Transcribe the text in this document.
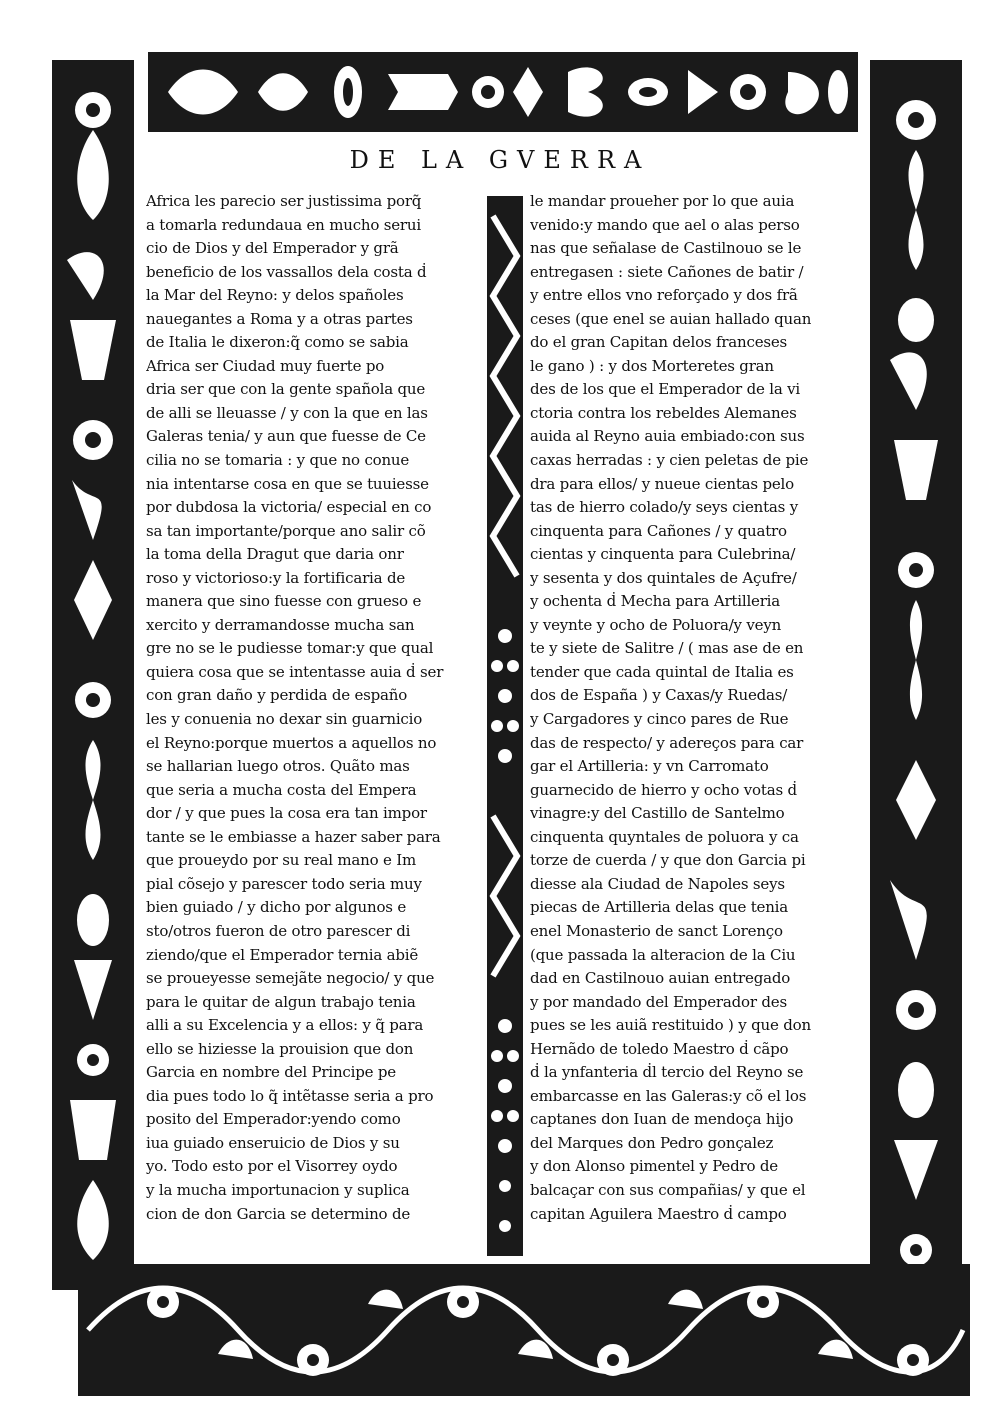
DE LA GVERRA
Africa les parecio ser justissima porq̃
a tomarla redundaua en mucho serui
cio de Dios y del Emperador y grã
beneficio de los vassallos dela costa ḋ
la Mar del Reyno: y delos spañoles
nauegantes a Roma y a otras partes
de Italia le dixeron:q̃ como se sabia
Africa ser Ciudad muy fuerte po
dria ser que con la gente spañola que
de alli se lleuasse / y con la que en las
Galeras tenia/ y aun que fuesse de Ce
cilia no se tomaria : y que no conue
nia intentarse cosa en que se tuuiesse
por dubdosa la victoria/ especial en co
sa tan importante/porque ano salir cõ
la toma della Dragut que daria onr
roso y victorioso:y la fortificaria de
manera que sino fuesse con grueso e
xercito y derramandosse mucha san
gre no se le pudiesse tomar:y que qual
quiera cosa que se intentasse auia ḋ ser
con gran daño y perdida de españo
les y conuenia no dexar sin guarnicio
el Reyno:porque muertos a aquellos no
se hallarian luego otros. Quãto mas
que seria a mucha costa del Empera
dor / y que pues la cosa era tan impor
tante se le embiasse a hazer saber para
que proueydo por su real mano e Im
pial cõsejo y parescer todo seria muy
bien guiado / y dicho por algunos e
sto/otros fueron de otro parescer di
ziendo/que el Emperador ternia abiẽ
se proueyesse semejãte negocio/ y que
para le quitar de algun trabajo tenia
alli a su Excelencia y a ellos: y q̃ para
ello se hiziesse la prouision que don
Garcia en nombre del Principe pe
dia pues todo lo q̃ intẽtasse seria a pro
posito del Emperador:yendo como
iua guiado enseruicio de Dios y su
yo. Todo esto por el Visorrey oydo
y la mucha importunacion y suplica
cion de don Garcia se determino de
le mandar proueher por lo que auia
venido:y mando que ael o alas perso
nas que señalase de Castilnouo se le
entregasen : siete Cañones de batir /
y entre ellos vno reforçado y dos frã
ceses (que enel se auian hallado quan
do el gran Capitan delos franceses
le gano ) : y dos Morteretes gran
des de los que el Emperador de la vi
ctoria contra los rebeldes Alemanes
auida al Reyno auia embiado:con sus
caxas herradas : y cien peletas de pie
dra para ellos/ y nueue cientas pelo
tas de hierro colado/y seys cientas y
cinquenta para Cañones / y quatro
cientas y cinquenta para Culebrina/
y sesenta y dos quintales de Açufre/
y ochenta ḋ Mecha para Artilleria
y veynte y ocho de Poluora/y veyn
te y siete de Salitre / ( mas ase de en
tender que cada quintal de Italia es
dos de España ) y Caxas/y Ruedas/
y Cargadores y cinco pares de Rue
das de respecto/ y adereços para car
gar el Artilleria: y vn Carromato
guarnecido de hierro y ocho votas ḋ
vinagre:y del Castillo de Santelmo
cinquenta quyntales de poluora y ca
torze de cuerda / y que don Garcia pi
diesse ala Ciudad de Napoles seys
piecas de Artilleria delas que tenia
enel Monasterio de sanct Lorenço
(que passada la alteracion de la Ciu
dad en Castilnouo auian entregado
y por mandado del Emperador des
pues se les auiã restituido ) y que don
Hernãdo de toledo Maestro ḋ cãpo
ḋ la ynfanteria ḋl tercio del Reyno se
embarcasse en las Galeras:y cõ el los
captanes don Iuan de mendoça hijo
del Marques don Pedro gonçalez
y don Alonso pimentel y Pedro de
balcaçar con sus compañias/ y que el
capitan Aguilera Maestro ḋ campo
